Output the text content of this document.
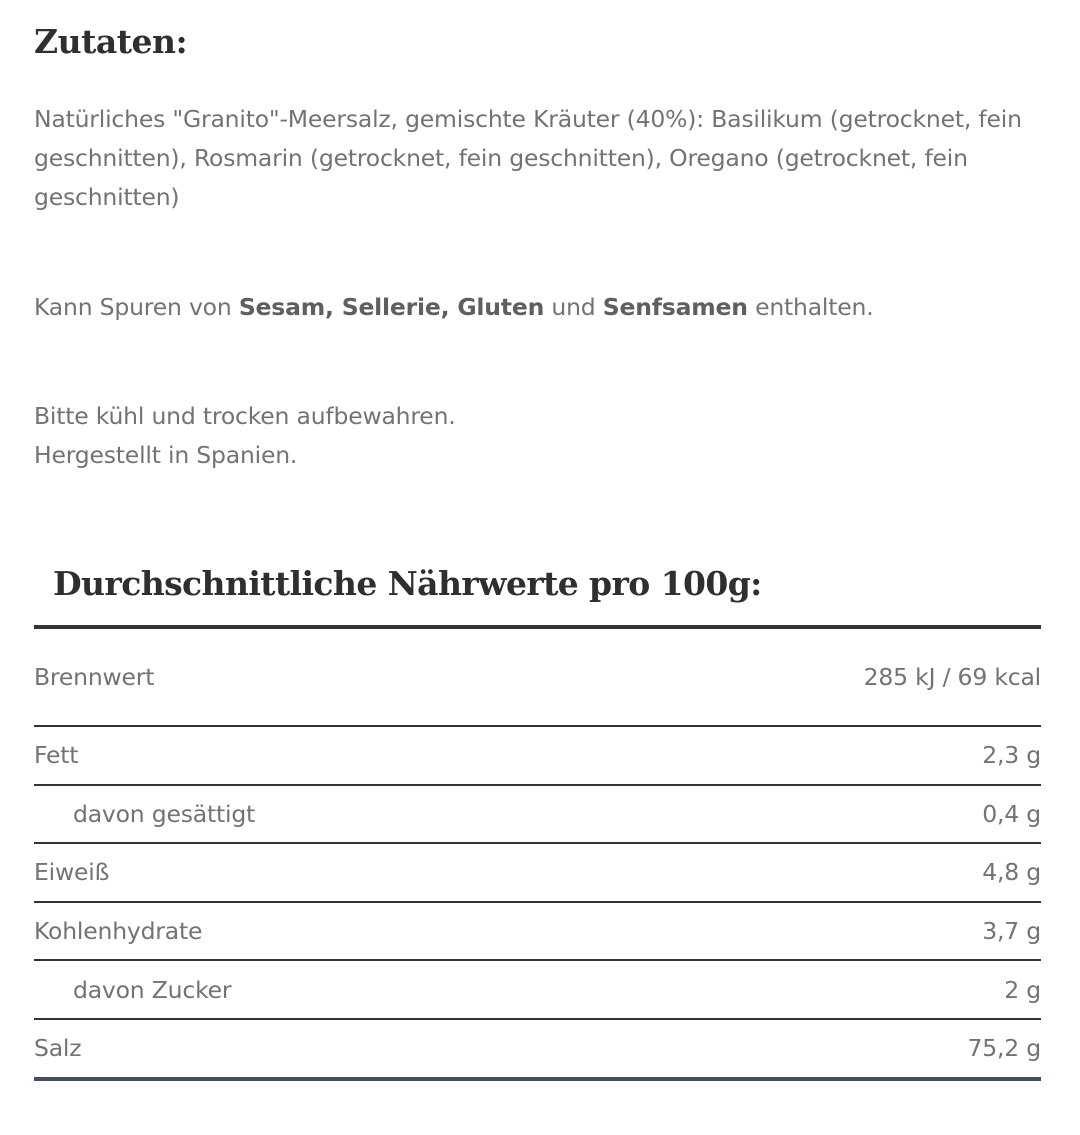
Zutaten:

Natürliches "Granito"-Meersalz, gemischte Kräuter (40%): Basilikum (getrocknet, fein geschnitten), Rosmarin (getrocknet, fein geschnitten), Oregano (getrocknet, fein geschnitten)

Kann Spuren von Sesam, Sellerie, Gluten und Senfsamen enthalten.

Bitte kühl und trocken aufbewahren.

Hergestellt in Spanien.

Durchschnittliche Nährwerte pro 100g:
Brennwert	285 kJ / 69 kcal
Fett	2,3 g
davon gesättigt	0,4 g
Eiweiß	4,8 g
Kohlenhydrate	3,7 g
davon Zucker	2 g
Salz	75,2 g
